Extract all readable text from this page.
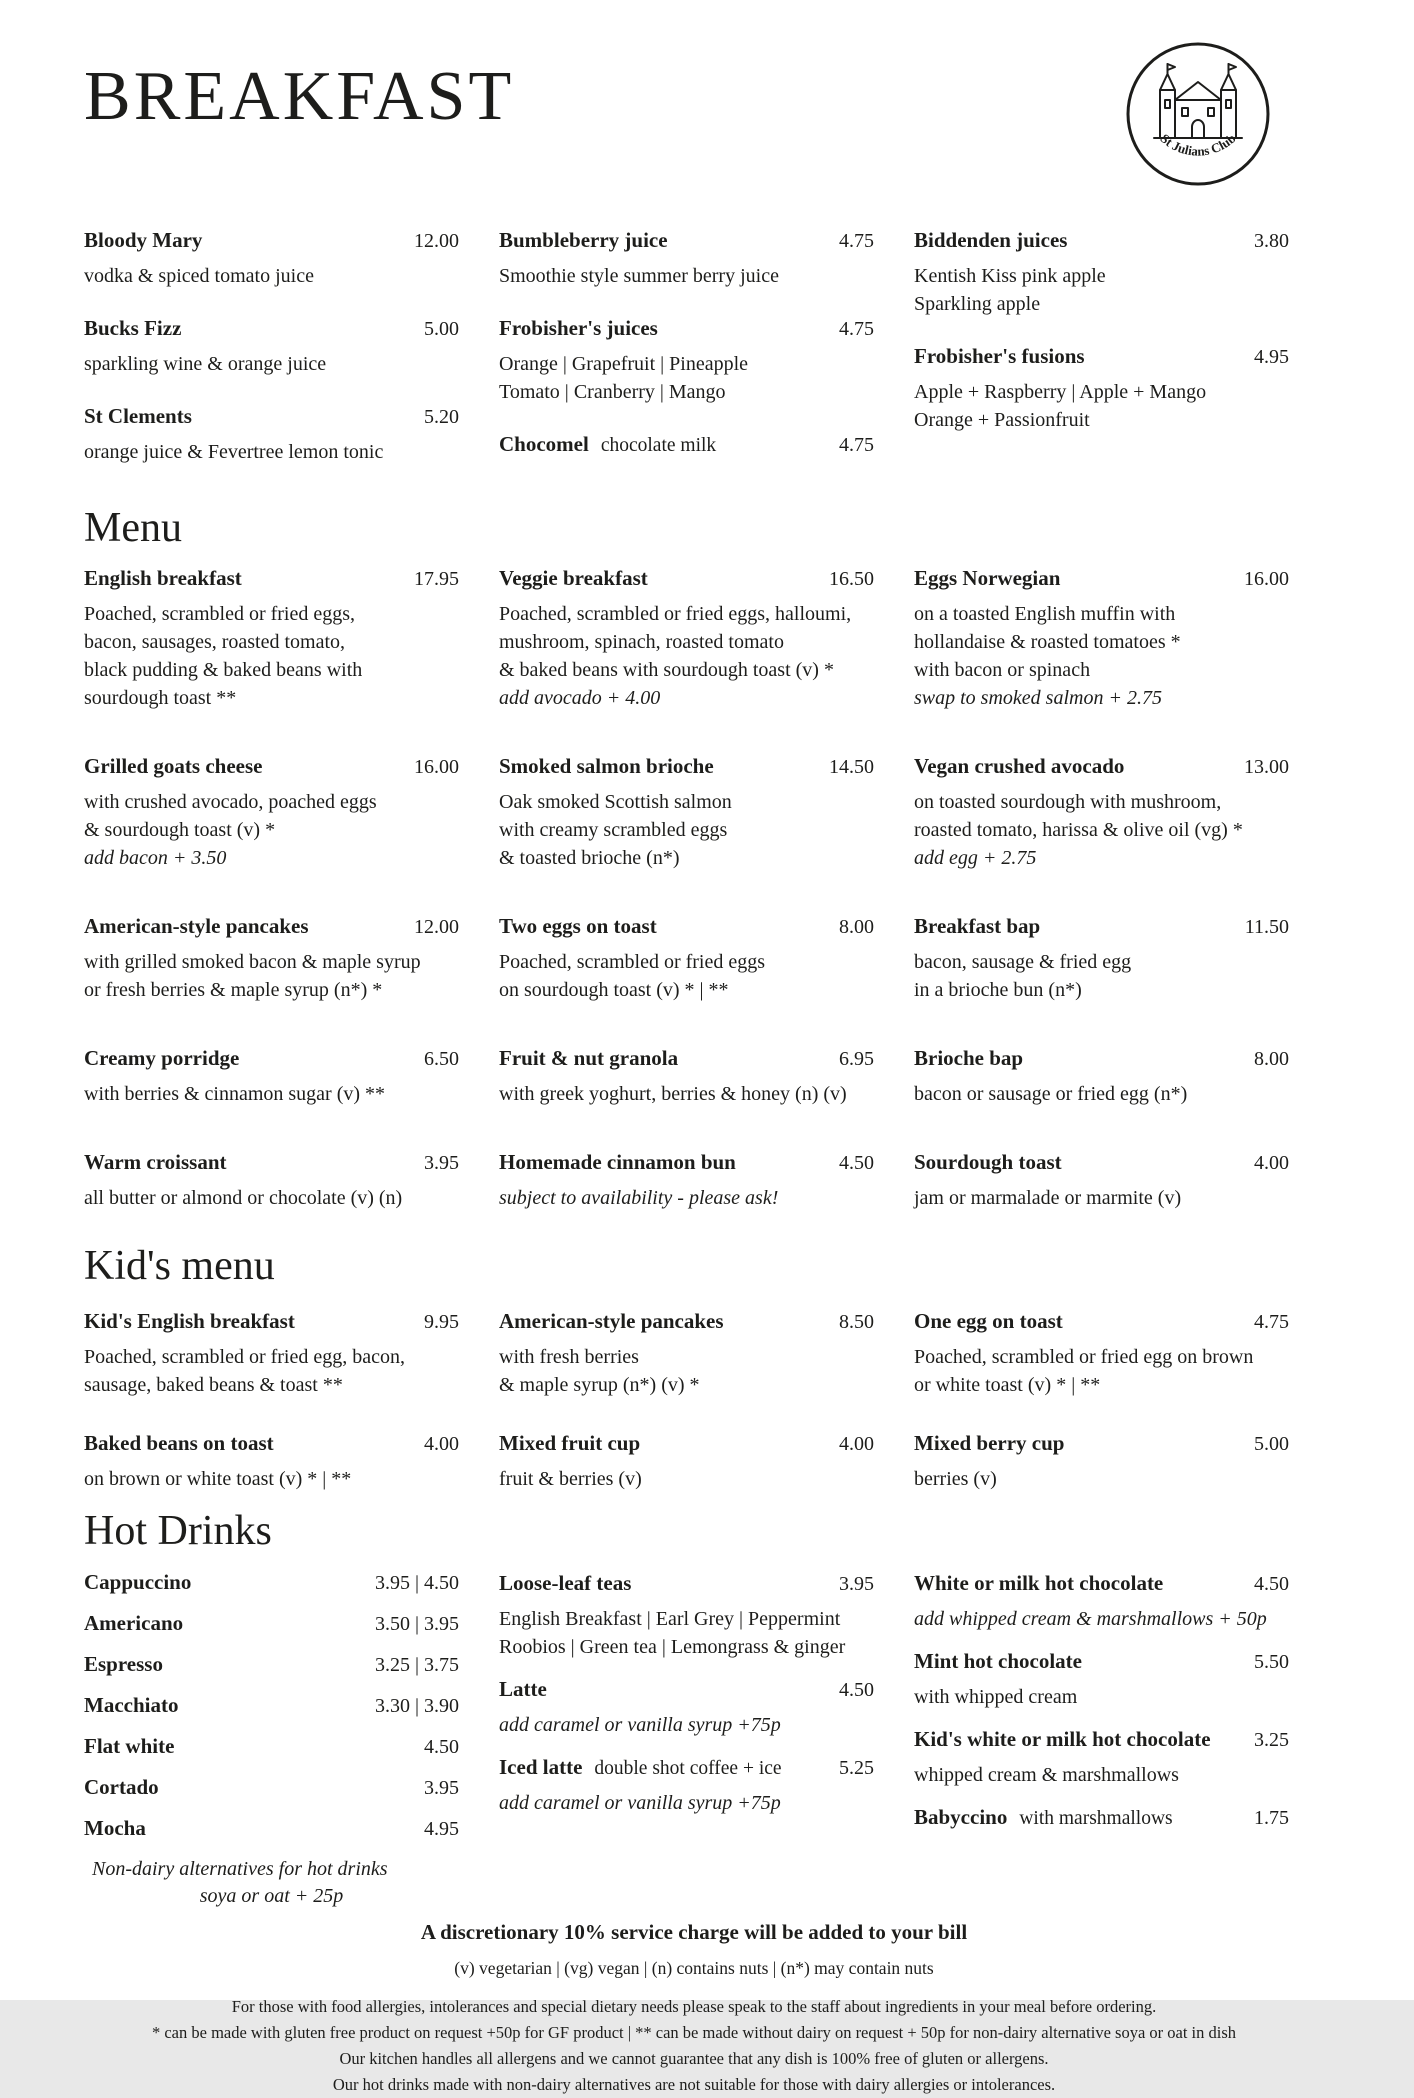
BREAKFAST
St Julians Club
Bloody Mary	12.00
vodka & spiced tomato juice
Bucks Fizz	5.00
sparkling wine & orange juice
St Clements	5.20
orange juice & Fevertree lemon tonic
Bumbleberry juice	4.75
Smoothie style summer berry juice
Frobisher's juices	4.75
Orange | Grapefruit | Pineapple
Tomato | Cranberry | Mango
Chocomel chocolate milk	4.75
Biddenden juices	3.80
Kentish Kiss pink apple
Sparkling apple
Frobisher's fusions	4.95
Apple + Raspberry | Apple + Mango
Orange + Passionfruit
Menu
English breakfast	17.95
Poached, scrambled or fried eggs,
bacon, sausages, roasted tomato,
black pudding & baked beans with
sourdough toast **
Grilled goats cheese	16.00
with crushed avocado, poached eggs
& sourdough toast (v) *
add bacon + 3.50
American-style pancakes	12.00
with grilled smoked bacon & maple syrup
or fresh berries & maple syrup (n*) *
Creamy porridge	6.50
with berries & cinnamon sugar (v) **
Warm croissant	3.95
all butter or almond or chocolate (v) (n)
Veggie breakfast	16.50
Poached, scrambled or fried eggs, halloumi,
mushroom, spinach, roasted tomato
& baked beans with sourdough toast (v) *
add avocado + 4.00
Smoked salmon brioche	14.50
Oak smoked Scottish salmon
with creamy scrambled eggs
& toasted brioche (n*)
Two eggs on toast	8.00
Poached, scrambled or fried eggs
on sourdough toast (v) * | **
Fruit & nut granola	6.95
with greek yoghurt, berries & honey (n) (v)
Homemade cinnamon bun	4.50
subject to availability - please ask!
Eggs Norwegian	16.00
on a toasted English muffin with
hollandaise & roasted tomatoes *
with bacon or spinach
swap to smoked salmon + 2.75
Vegan crushed avocado	13.00
on toasted sourdough with mushroom,
roasted tomato, harissa & olive oil (vg) *
add egg + 2.75
Breakfast bap	11.50
bacon, sausage & fried egg
in a brioche bun (n*)
Brioche bap	8.00
bacon or sausage or fried egg (n*)
Sourdough toast	4.00
jam or marmalade or marmite (v)
Kid's menu
Kid's English breakfast	9.95
Poached, scrambled or fried egg, bacon,
sausage, baked beans & toast **
Baked beans on toast	4.00
on brown or white toast (v) * | **
American-style pancakes	8.50
with fresh berries
& maple syrup (n*) (v) *
Mixed fruit cup	4.00
fruit & berries (v)
One egg on toast	4.75
Poached, scrambled or fried egg on brown
or white toast (v) * | **
Mixed berry cup	5.00
berries (v)
Hot Drinks
Cappuccino	3.95 | 4.50
Americano	3.50 | 3.95
Espresso	3.25 | 3.75
Macchiato	3.30 | 3.90
Flat white	4.50
Cortado	3.95
Mocha	4.95
Non-dairy alternatives for hot drinks
soya or oat + 25p
Loose-leaf teas	3.95
English Breakfast | Earl Grey | Peppermint
Roobios | Green tea | Lemongrass & ginger
Latte	4.50
add caramel or vanilla syrup +75p
Iced latte double shot coffee + ice	5.25
add caramel or vanilla syrup +75p
White or milk hot chocolate	4.50
add whipped cream & marshmallows + 50p
Mint hot chocolate	5.50
with whipped cream
Kid's white or milk hot chocolate	3.25
whipped cream & marshmallows
Babyccino with marshmallows	1.75
A discretionary 10% service charge will be added to your bill
(v) vegetarian | (vg) vegan | (n) contains nuts | (n*) may contain nuts
For those with food allergies, intolerances and special dietary needs please speak to the staff about ingredients in your meal before ordering.
* can be made with gluten free product on request +50p for GF product | ** can be made without dairy on request + 50p for non-dairy alternative soya or oat in dish
Our kitchen handles all allergens and we cannot guarantee that any dish is 100% free of gluten or allergens.
Our hot drinks made with non-dairy alternatives are not suitable for those with dairy allergies or intolerances.
